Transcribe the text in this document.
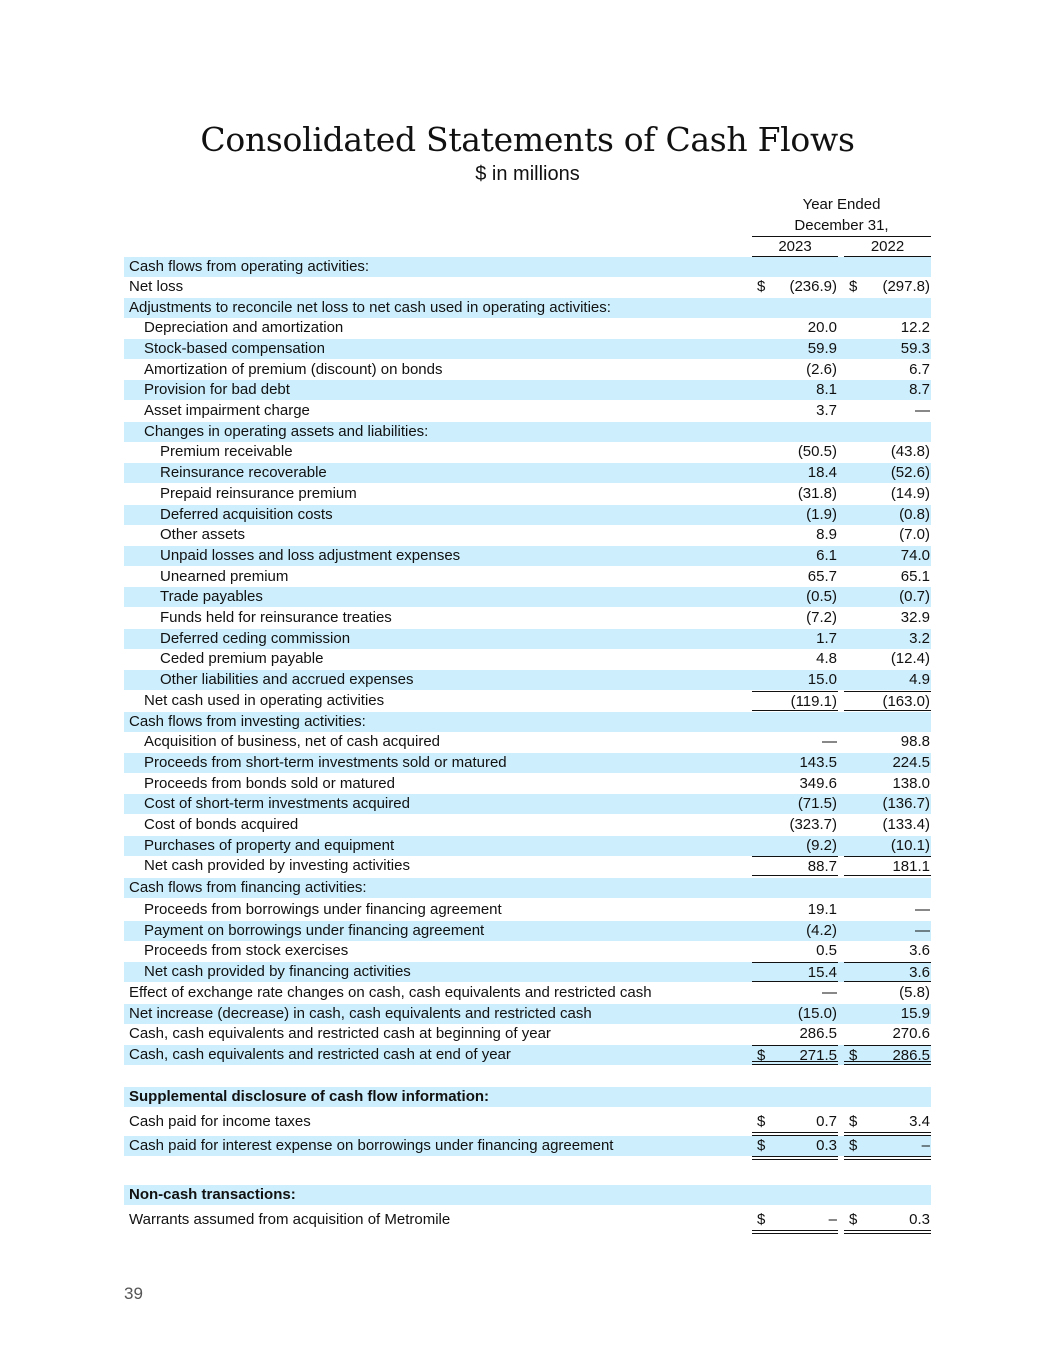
Consolidated Statements of Cash Flows
$ in millions
Year Ended
December 31,
2023	2022
Cash flows from operating activities:
Net loss	$ (236.9) $ (297.8)
Adjustments to reconcile net loss to net cash used in operating activities:
Depreciation and amortization	20.0	12.2
Stock-based compensation	59.9	59.3
Amortization of premium (discount) on bonds	(2.6)	6.7
Provision for bad debt	8.1	8.7
Asset impairment charge	3.7	—
Changes in operating assets and liabilities:
Premium receivable	(50.5)	(43.8)
Reinsurance recoverable	18.4	(52.6)
Prepaid reinsurance premium	(31.8)	(14.9)
Deferred acquisition costs	(1.9)	(0.8)
Other assets	8.9	(7.0)
Unpaid losses and loss adjustment expenses	6.1	74.0
Unearned premium	65.7	65.1
Trade payables	(0.5)	(0.7)
Funds held for reinsurance treaties	(7.2)	32.9
Deferred ceding commission	1.7	3.2
Ceded premium payable	4.8	(12.4)
Other liabilities and accrued expenses	15.0	4.9
Net cash used in operating activities	(119.1)	(163.0)
Cash flows from investing activities:
Acquisition of business, net of cash acquired	—	98.8
Proceeds from short-term investments sold or matured	143.5	224.5
Proceeds from bonds sold or matured	349.6	138.0
Cost of short-term investments acquired	(71.5)	(136.7)
Cost of bonds acquired	(323.7)	(133.4)
Purchases of property and equipment	(9.2)	(10.1)
Net cash provided by investing activities	88.7	181.1
Cash flows from financing activities:
Proceeds from borrowings under financing agreement	19.1	—
Payment on borrowings under financing agreement	(4.2)	—
Proceeds from stock exercises	0.5	3.6
Net cash provided by financing activities	15.4	3.6
Effect of exchange rate changes on cash, cash equivalents and restricted cash	—	(5.8)
Net increase (decrease) in cash, cash equivalents and restricted cash	(15.0)	15.9
Cash, cash equivalents and restricted cash at beginning of year	286.5	270.6
Cash, cash equivalents and restricted cash at end of year	$ 271.5 $ 286.5
Supplemental disclosure of cash flow information:
Cash paid for income taxes	$	0.7 $	3.4
Cash paid for interest expense on borrowings under financing agreement	$	0.3 $	–
Non-cash transactions:
Warrants assumed from acquisition of Metromile	$	– $	0.3
39
